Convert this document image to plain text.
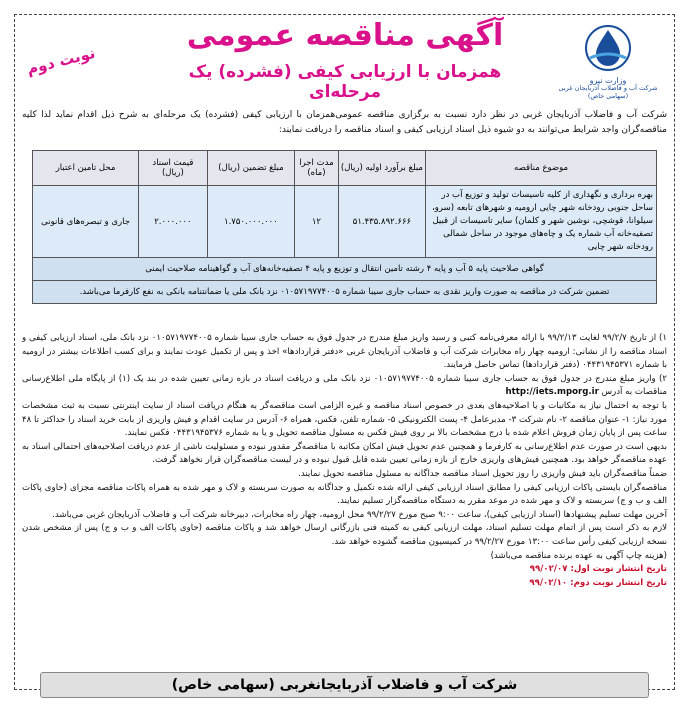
وزارت نیرو
شرکت آب و فاضلاب آذربایجان غربی (سهامی خاص)
آگهی مناقصه عمومی
همزمان با ارزیابی کیفی (فشرده) یک مرحله‌ای
نوبت دوم
شرکت آب و فاضلاب آذربایجان غربی در نظر دارد نسبت به برگزاری مناقصه عمومی‌همزمان با ارزیابی کیفی (فشرده) یک مرحله‌ای به شرح ذیل اقدام نماید لذا کلیه مناقصه‌گران واجد شرایط می‌توانند به دو شیوه ذیل اسناد ارزیابی کیفی و اسناد مناقصه را دریافت نمایند:
موضوع مناقصه	مبلغ برآورد اولیه (ریال)	مدت اجرا (ماه)	مبلغ تضمین (ریال)	قیمت اسناد (ریال)	محل تامین اعتبار
بهره برداری و نگهداری از کلیه تاسیسات تولید و توزیع آب در ساحل جنوبی رودخانه شهر چایی ارومیه و شهرهای تابعه (سرو، سیلوانا، قوشچی، نوشین شهر و کلمان) سایر تاسیسات از قبیل تصفیه‌خانه آب شماره یک و چاه‌های موجود در ساحل شمالی رودخانه شهر چایی	۵۱.۴۳۵.۸۹۲.۶۶۶	۱۲	۱.۷۵۰.۰۰۰.۰۰۰	۲.۰۰۰.۰۰۰	جاری و تبصره‌های قانونی
گواهی صلاحیت پایه ۵ آب و پایه ۴ رشته تامین انتقال و توزیع و پایه ۴ تصفیه‌خانه‌های آب و گواهینامه صلاحیت ایمنی					
تضمین شرکت در مناقصه به صورت واریز نقدی به حساب جاری سیبا شماره ۰۱۰۵۷۱۹۷۷۴۰۰۵ نزد بانک ملی یا ضمانتنامه بانکی به نفع کارفرما می‌باشد.					

۱) از تاریخ ۹۹/۲/۷ لغایت ۹۹/۲/۱۳ با ارائه معرفی‌نامه کتبی و رسید واریز مبلغ مندرج در جدول فوق به حساب جاری سیبا شماره ۰۱۰۵۷۱۹۷۷۴۰۰۵ نزد بانک ملی، اسناد ارزیابی کیفی و اسناد مناقصه را از نشانی: ارومیه چهار راه مخابرات شرکت آب و فاضلاب آذربایجان غربی «دفتر قراردادها» اخذ و پس از تکمیل عودت نمایند و برای کسب اطلاعات بیشتر در ارومیه با شماره ۰۴۴۳۱۹۴۵۳۷۱ (دفتر قراردادها) تماس حاصل فرمایند.

۲) واریز مبلغ مندرج در جدول فوق به حساب جاری سیبا شماره ۰۱۰۵۷۱۹۷۷۴۰۰۵ نزد بانک ملی و دریافت اسناد در بازه زمانی تعیین شده در بند یک (۱) از پایگاه ملی اطلاع‌رسانی مناقصات به آدرس http://iets.mporg.ir

با توجه به احتمال نیاز به مکاتبات و یا اصلاحیه‌های بعدی در خصوص اسناد مناقصه و غیره الزامی است مناقصه‌گر به هنگام دریافت اسناد از سایت اینترنتی نسبت به ثبت مشخصات مورد نیاز: ۱- عنوان مناقصه ۲- نام شرکت ۳- مدیرعامل ۴- پست الکترونیکی ۵- شماره تلفن، فکس، همراه ۶- آدرس در سایت اقدام و فیش واریزی از بابت خرید اسناد را حداکثر تا ۴۸ ساعت پس از پایان زمان فروش اعلام شده با درج مشخصات بالا بر روی فیش فکس به مسئول مناقصه تحویل و یا به شماره ۰۴۴۳۱۹۴۵۳۷۶ فکس نمایند.

بدیهی است در صورت عدم اطلاع‌رسانی به کارفرما و همچنین عدم تحویل فیش امکان مکاتبه با مناقصه‌گر مقدور نبوده و مسئولیت ناشی از عدم دریافت اصلاحیه‌های احتمالی اسناد به عهده مناقصه‌گر خواهد بود. همچنین فیش‌های واریزی خارج از بازه زمانی تعیین شده قابل قبول نبوده و در لیست مناقصه‌گران قرار نخواهد گرفت.

ضمناً مناقصه‌گران باید فیش واریزی را روز تحویل اسناد مناقصه جداگانه به مسئول مناقصه تحویل نمایند.

مناقصه‌گران بایستی پاکات ارزیابی کیفی را مطابق اسناد ارزیابی کیفی ارائه شده تکمیل و جداگانه به صورت سربسته و لاک و مهر شده به همراه پاکات مناقصه مجزای (حاوی پاکات الف و ب و ج) سربسته و لاک و مهر شده در موعد مقرر به دستگاه مناقصه‌گزار تسلیم نمایند.

آخرین مهلت تسلیم پیشنهادها (اسناد ارزیابی کیفی)، ساعت ۹:۰۰ صبح مورخ ۹۹/۲/۲۷ محل ارومیه، چهار راه مخابرات، دبیرخانه شرکت آب و فاضلاب آذربایجان غربی می‌باشد.

لازم به ذکر است پس از اتمام مهلت تسلیم اسناد، مهلت ارزیابی کیفی به کمیته فنی بازرگانی ارسال خواهد شد و پاکات مناقصه (حاوی پاکات الف و ب و ج) پس از مشخص شدن نسخه ارزیابی کیفی رأس ساعت ۱۳:۰۰ مورخ ۹۹/۲/۲۷ در کمیسیون مناقصه گشوده خواهد شد.

(هزینه چاپ آگهی به عهده برنده مناقصه می‌باشد)

تاریخ انتشار نوبت اول: ۹۹/۰۲/۰۷

تاریخ انتشار نوبت دوم: ۹۹/۰۲/۱۰

شرکت آب و فاضلاب آذربایجانغربی (سهامی خاص)
